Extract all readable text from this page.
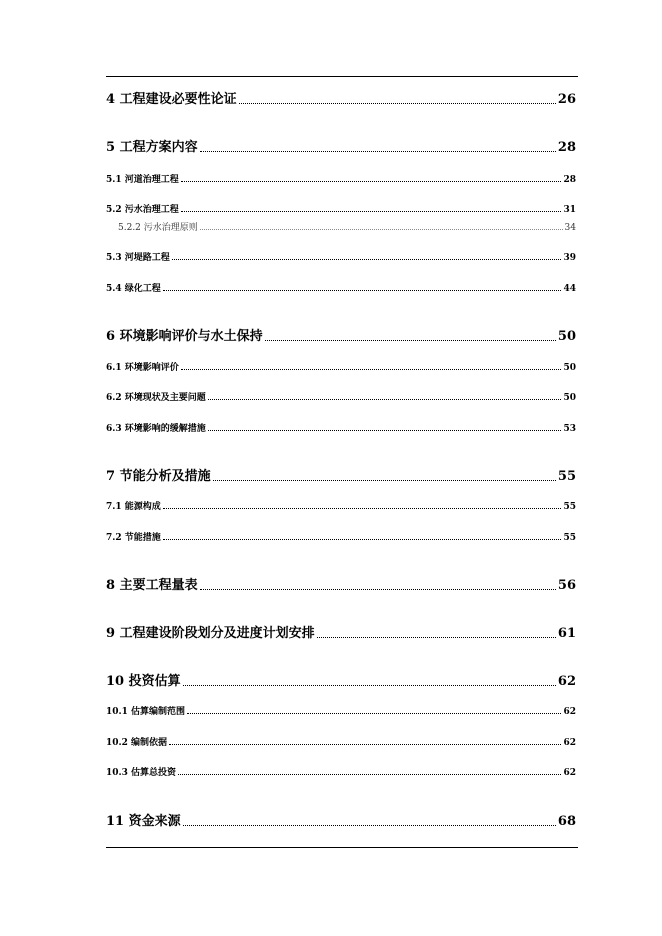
4 工程建设必要性论证	26
5 工程方案内容	28
5.1 河道治理工程	28
5.2 污水治理工程	31
5.2.2 污水治理原则	34
5.3 河堤路工程	39
5.4 绿化工程	44
6 环境影响评价与水土保持	50
6.1 环境影响评价	50
6.2 环境现状及主要问题	50
6.3 环境影响的缓解措施	53
7 节能分析及措施	55
7.1 能源构成	55
7.2 节能措施	55
8 主要工程量表	56
9 工程建设阶段划分及进度计划安排	61
10 投资估算	62
10.1 估算编制范围	62
10.2 编制依据	62
10.3 估算总投资	62
11 资金来源	68
